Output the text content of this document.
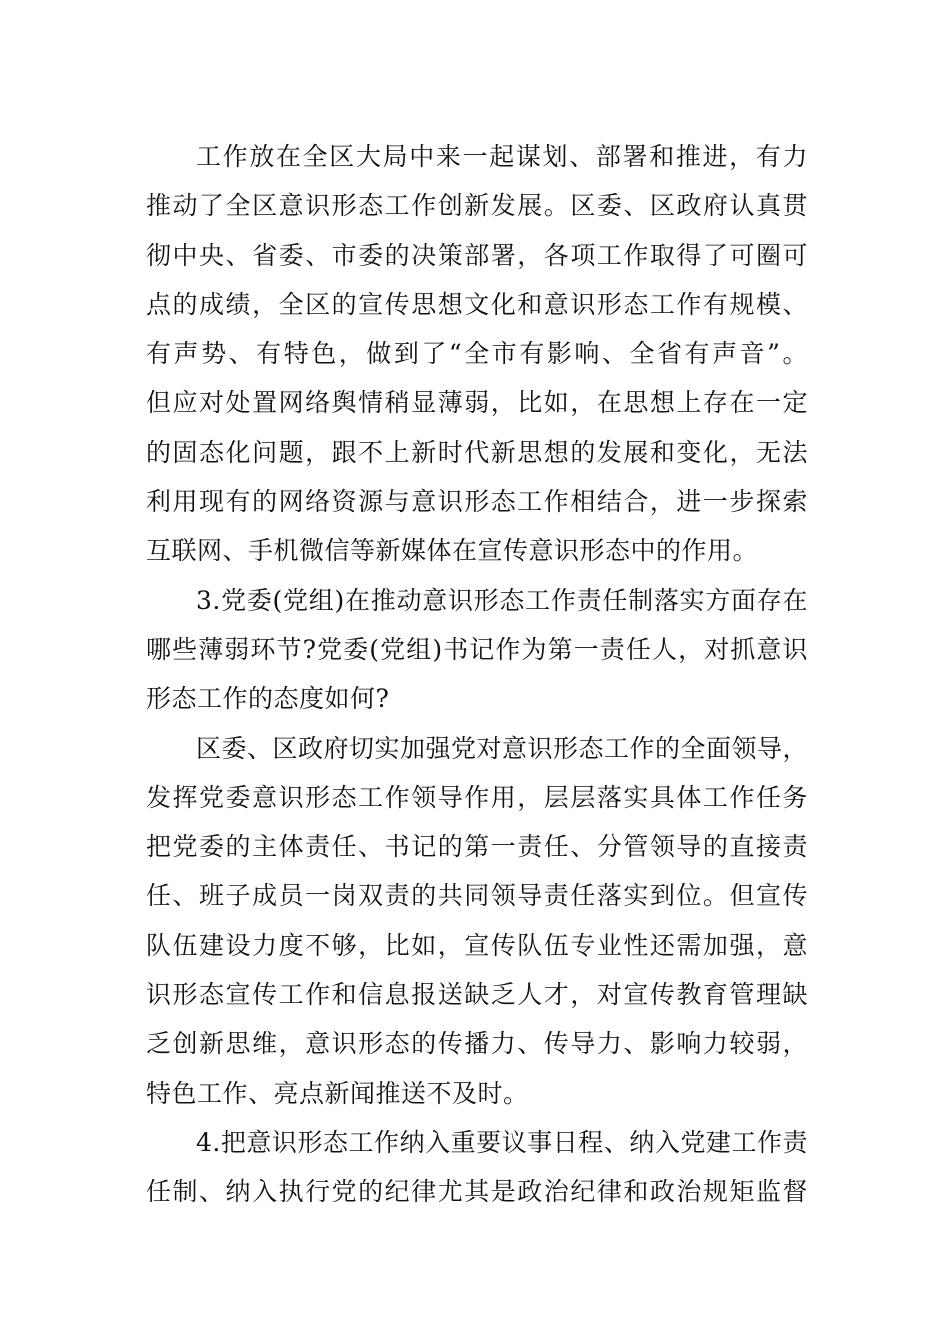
工作放在全区大局中来一起谋划、部署和推进，有力
推动了全区意识形态工作创新发展。区委、区政府认真贯
彻中央、省委、市委的决策部署，各项工作取得了可圈可
点的成绩，全区的宣传思想文化和意识形态工作有规模、
有声势、有特色，做到了“全市有影响、全省有声音”。
但应对处置网络舆情稍显薄弱，比如，在思想上存在一定
的固态化问题，跟不上新时代新思想的发展和变化，无法
利用现有的网络资源与意识形态工作相结合，进一步探索
互联网、手机微信等新媒体在宣传意识形态中的作用。
3.党委(党组)在推动意识形态工作责任制落实方面存在
哪些薄弱环节?党委(党组)书记作为第一责任人，对抓意识
形态工作的态度如何?
区委、区政府切实加强党对意识形态工作的全面领导，
发挥党委意识形态工作领导作用，层层落实具体工作任务
把党委的主体责任、书记的第一责任、分管领导的直接责
任、班子成员一岗双责的共同领导责任落实到位。但宣传
队伍建设力度不够，比如，宣传队伍专业性还需加强，意
识形态宣传工作和信息报送缺乏人才，对宣传教育管理缺
乏创新思维，意识形态的传播力、传导力、影响力较弱，
特色工作、亮点新闻推送不及时。
4.把意识形态工作纳入重要议事日程、纳入党建工作责
任制、纳入执行党的纪律尤其是政治纪律和政治规矩监督
